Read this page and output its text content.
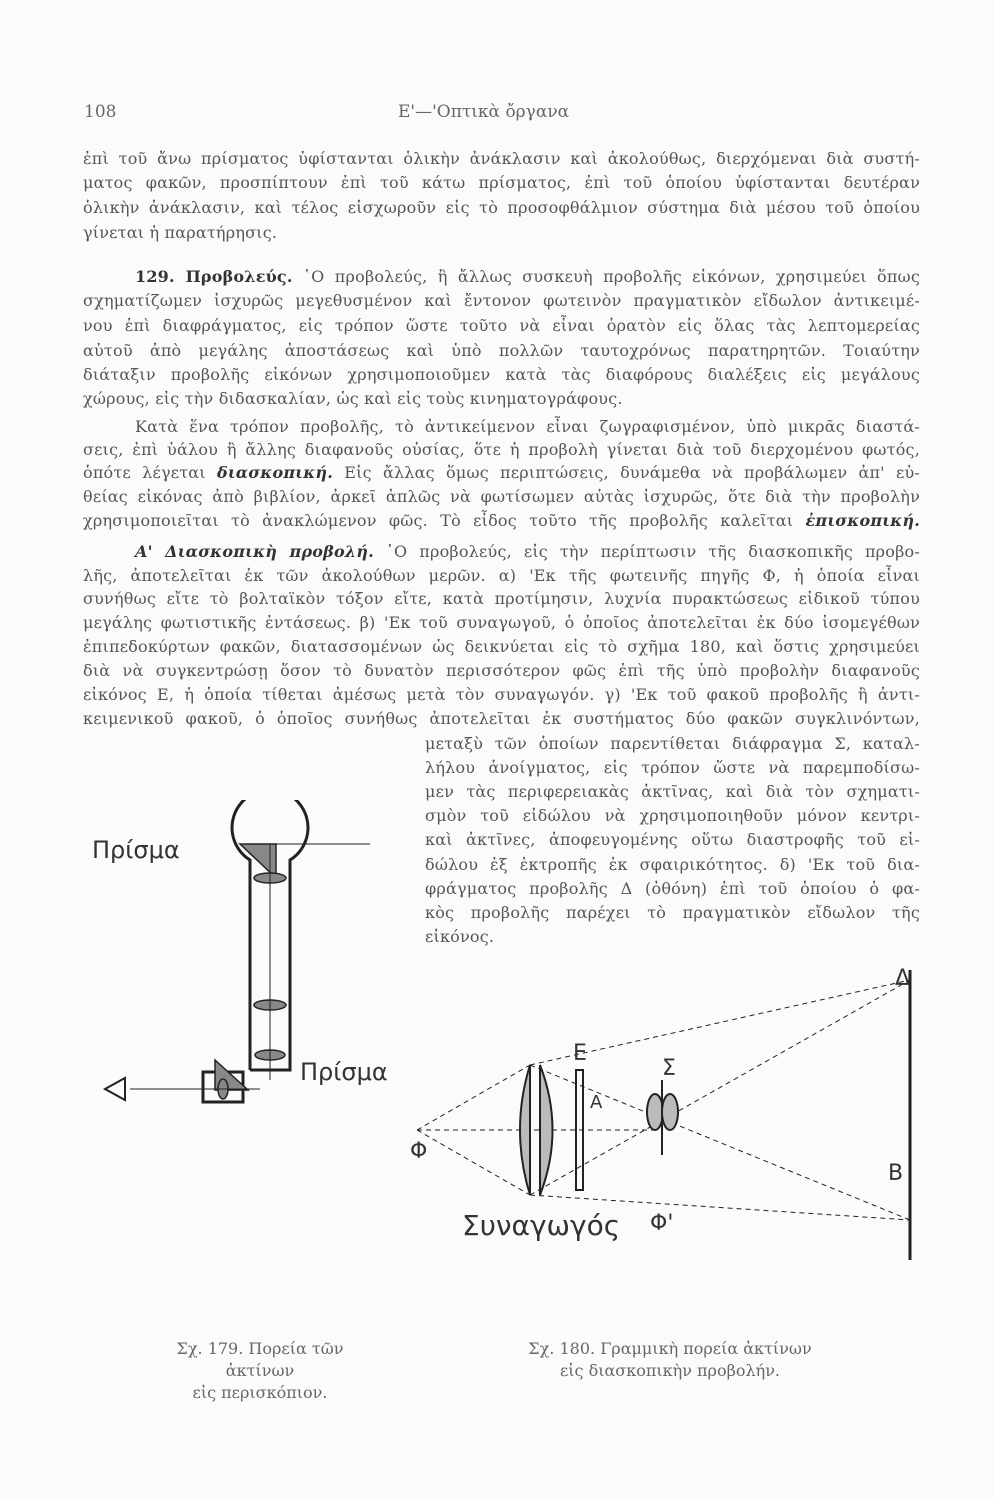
108	Ε'—'Οπτικὰ ὄργανα
ἐπὶ τοῦ ἄνω πρίσματος ὑφίστανται ὁλικὴν ἀνάκλασιν καὶ ἀκολούθως, διερχόμεναι διὰ συστή-
ματος φακῶν, προσπίπτουν ἐπὶ τοῦ κάτω πρίσματος, ἐπὶ τοῦ ὁποίου ὑφίστανται δευτέραν
ὁλικὴν ἀνάκλασιν, καὶ τέλος εἰσχωροῦν εἰς τὸ προσοφθάλμιον σύστημα διὰ μέσου τοῦ ὁποίου
γίνεται ἡ παρατήρησις.
129. Προβολεύς. ῾Ο προβολεύς, ἢ ἄλλως συσκευὴ προβολῆς εἰκόνων, χρησιμεύει ὅπως
σχηματίζωμεν ἰσχυρῶς μεγεθυσμένον καὶ ἔντονον φωτεινὸν πραγματικὸν εἴδωλον ἀντικειμέ-
νου ἐπὶ διαφράγματος, εἰς τρόπον ὥστε τοῦτο νὰ εἶναι ὁρατὸν εἰς ὅλας τὰς λεπτομερείας
αὐτοῦ ἀπὸ μεγάλης ἀποστάσεως καὶ ὑπὸ πολλῶν ταυτοχρόνως παρατηρητῶν. Τοιαύτην
διάταξιν προβολῆς εἰκόνων χρησιμοποιοῦμεν κατὰ τὰς διαφόρους διαλέξεις εἰς μεγάλους
χώρους, εἰς τὴν διδασκαλίαν, ὡς καὶ εἰς τοὺς κινηματογράφους.
Κατὰ ἕνα τρόπον προβολῆς, τὸ ἀντικείμενον εἶναι ζωγραφισμένον, ὑπὸ μικρᾶς διαστά-
σεις, ἐπὶ ὑάλου ἢ ἄλλης διαφανοῦς οὐσίας, ὅτε ἡ προβολὴ γίνεται διὰ τοῦ διερχομένου φωτός,
ὁπότε λέγεται διασκοπική. Εἰς ἄλλας ὅμως περιπτώσεις, δυνάμεθα νὰ προβάλωμεν ἀπ' εὐ-
θείας εἰκόνας ἀπὸ βιβλίον, ἀρκεῖ ἁπλῶς νὰ φωτίσωμεν αὐτὰς ἰσχυρῶς, ὅτε διὰ τὴν προβολὴν
χρησιμοποιεῖται τὸ ἀνακλώμενον φῶς. Τὸ εἶδος τοῦτο τῆς προβολῆς καλεῖται ἐπισκοπική.
Α' Διασκοπικὴ προβολή. ῾Ο προβολεύς, εἰς τὴν περίπτωσιν τῆς διασκοπικῆς προβο-
λῆς, ἀποτελεῖται ἐκ τῶν ἀκολούθων μερῶν. α) 'Εκ τῆς φωτεινῆς πηγῆς Φ, ἡ ὁποία εἶναι
συνήθως εἴτε τὸ βολταϊκὸν τόξον εἴτε, κατὰ προτίμησιν, λυχνία πυρακτώσεως εἰδικοῦ τύπου
μεγάλης φωτιστικῆς ἐντάσεως. β) 'Εκ τοῦ συναγωγοῦ, ὁ ὁποῖος ἀποτελεῖται ἐκ δύο ἰσομεγέθων
ἐπιπεδοκύρτων φακῶν, διατασσομένων ὡς δεικνύεται εἰς τὸ σχῆμα 180, καὶ ὅστις χρησιμεύει
διὰ νὰ συγκεντρώσῃ ὅσον τὸ δυνατὸν περισσότερον φῶς ἐπὶ τῆς ὑπὸ προβολὴν διαφανοῦς
εἰκόνος Ε, ἡ ὁποία τίθεται ἀμέσως μετὰ τὸν συναγωγόν. γ) 'Εκ τοῦ φακοῦ προβολῆς ἢ ἀντι-
κειμενικοῦ φακοῦ, ὁ ὁποῖος συνήθως ἀποτελεῖται ἐκ συστήματος δύο φακῶν συγκλινόντων,
μεταξὺ τῶν ὁποίων παρεντίθεται διάφραγμα Σ, καταλ-
λήλου ἀνοίγματος, εἰς τρόπον ὥστε νὰ παρεμποδίσω-
μεν τὰς περιφερειακὰς ἀκτῖνας, καὶ διὰ τὸν σχηματι-
σμὸν τοῦ εἰδώλου νὰ χρησιμοποιηθοῦν μόνον κεντρι-
καὶ ἀκτῖνες, ἀποφευγομένης οὕτω διαστροφῆς τοῦ εἰ-
δώλου ἐξ ἐκτροπῆς ἐκ σφαιρικότητος. δ) 'Εκ τοῦ δια-
φράγματος προβολῆς Δ (ὀθόνη) ἐπὶ τοῦ ὁποίου ὁ φα-
κὸς προβολῆς παρέχει τὸ πραγματικὸν εἴδωλον τῆς
εἰκόνος.
Πρίσμα
Πρίσμα
Σχ. 179. Πορεία τῶν ἀκτίνων
εἰς περισκόπιον.
Φ
Ε
Σ
Δ
Α
Β
Συναγωγός Φ'
Σχ. 180. Γραμμικὴ πορεία ἀκτίνων
εἰς διασκοπικὴν προβολήν.
